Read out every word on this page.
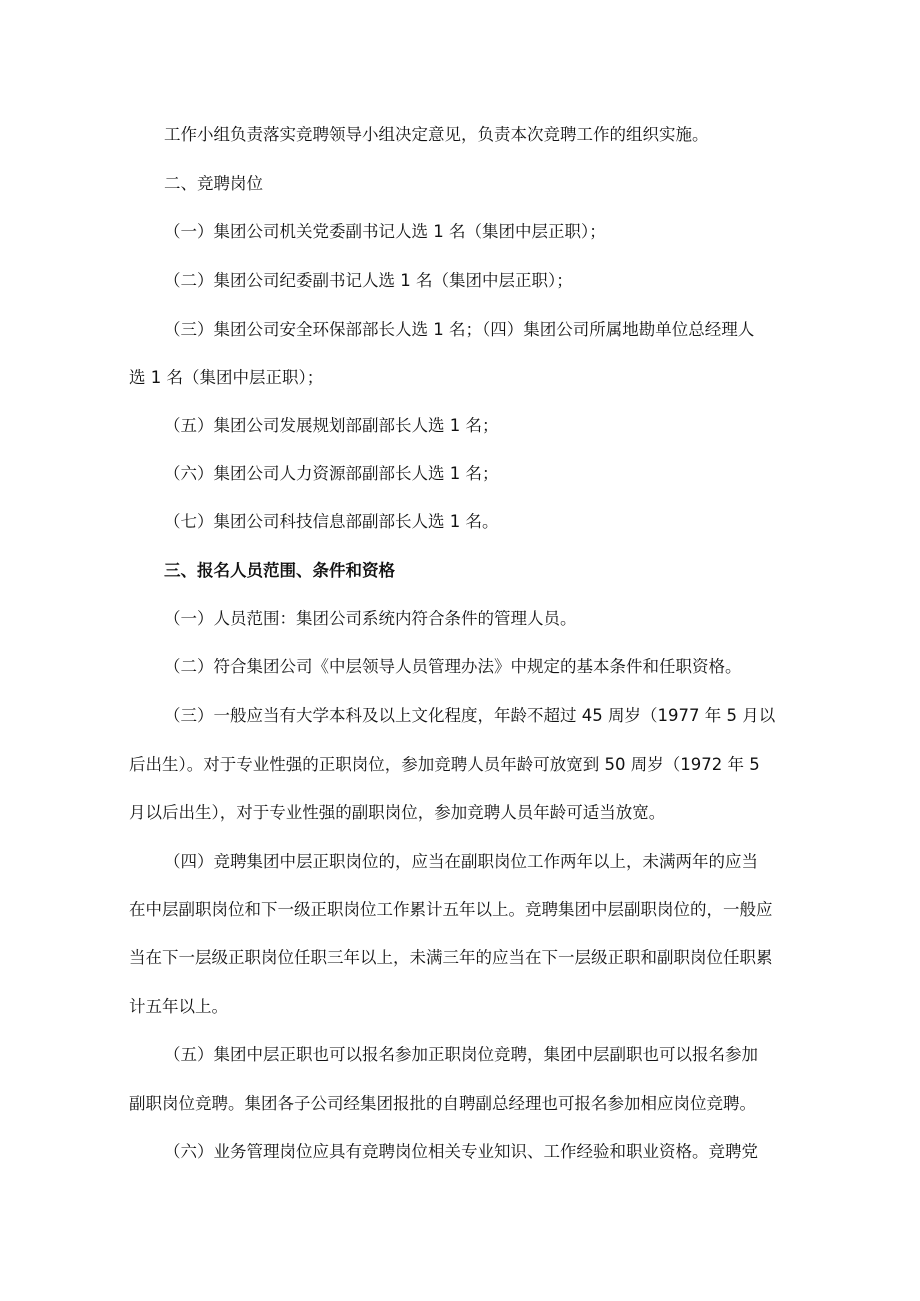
工作小组负责落实竞聘领导小组决定意见，负责本次竞聘工作的组织实施。
二、竞聘岗位
（一）集团公司机关党委副书记人选 1 名（集团中层正职）；
（二）集团公司纪委副书记人选 1 名（集团中层正职）；
（三）集团公司安全环保部部长人选 1 名；（四）集团公司所属地勘单位总经理人
选 1 名（集团中层正职）；
（五）集团公司发展规划部副部长人选 1 名；
（六）集团公司人力资源部副部长人选 1 名；
（七）集团公司科技信息部副部长人选 1 名。
三、报名人员范围、条件和资格
（一）人员范围：集团公司系统内符合条件的管理人员。
（二）符合集团公司《中层领导人员管理办法》中规定的基本条件和任职资格。
（三）一般应当有大学本科及以上文化程度，年龄不超过 45 周岁（1977 年 5 月以
后出生）。对于专业性强的正职岗位，参加竞聘人员年龄可放宽到 50 周岁（1972 年 5
月以后出生），对于专业性强的副职岗位，参加竞聘人员年龄可适当放宽。
（四）竞聘集团中层正职岗位的，应当在副职岗位工作两年以上，未满两年的应当
在中层副职岗位和下一级正职岗位工作累计五年以上。竞聘集团中层副职岗位的，一般应
当在下一层级正职岗位任职三年以上，未满三年的应当在下一层级正职和副职岗位任职累
计五年以上。
（五）集团中层正职也可以报名参加正职岗位竞聘，集团中层副职也可以报名参加
副职岗位竞聘。集团各子公司经集团报批的自聘副总经理也可报名参加相应岗位竞聘。
（六）业务管理岗位应具有竞聘岗位相关专业知识、工作经验和职业资格。竞聘党
